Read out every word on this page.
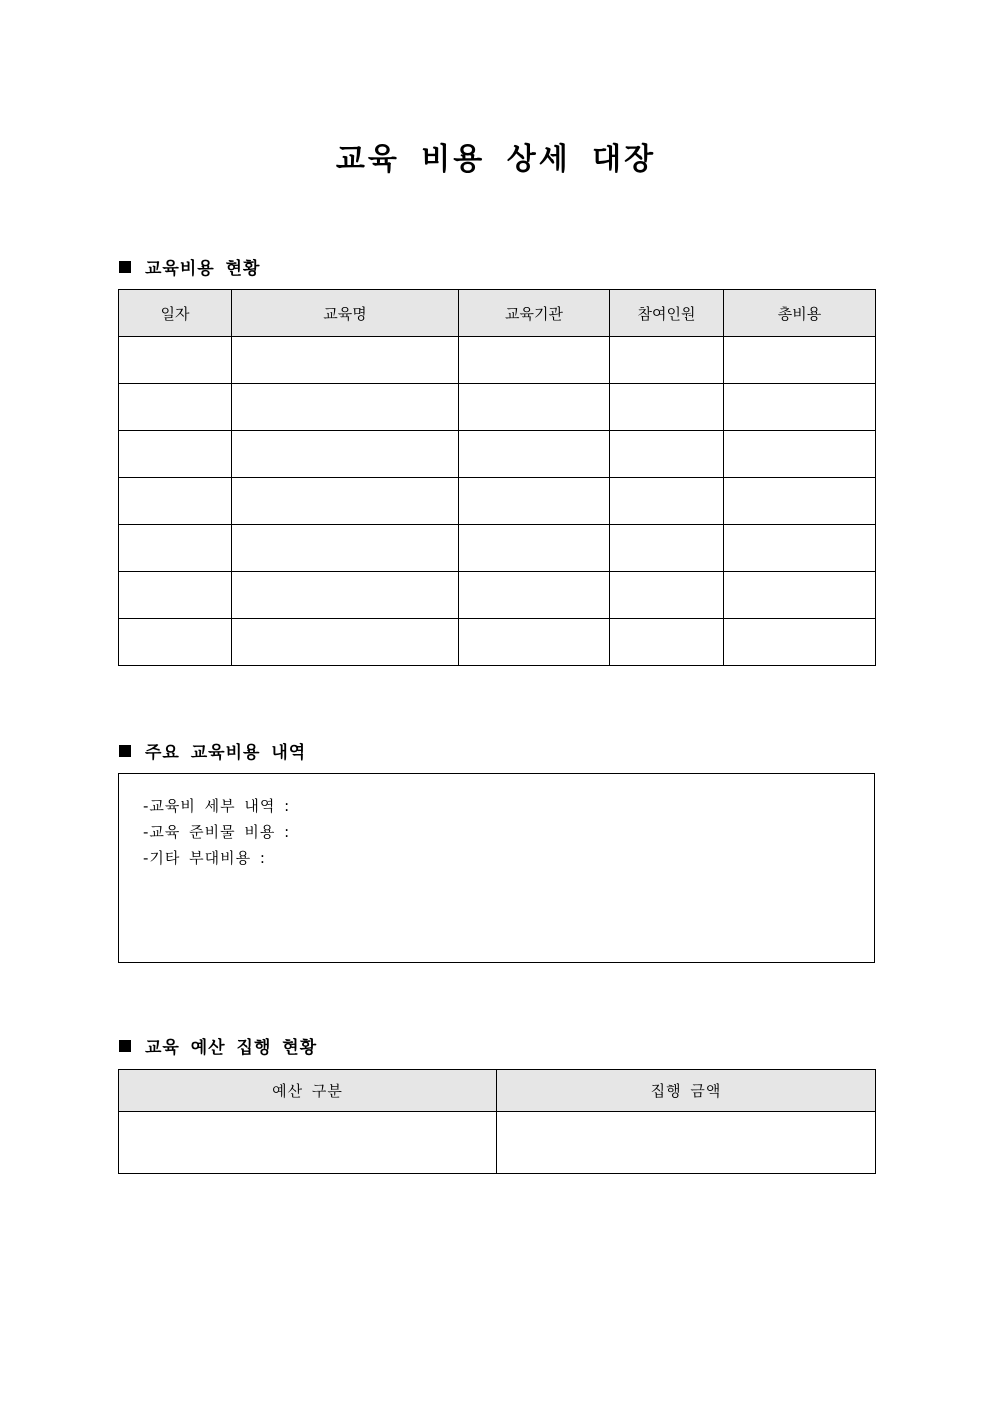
교육 비용 상세 대장
교육비용 현황
일자	교육명	교육기관	참여인원	총비용

주요 교육비용 내역
-교육비 세부 내역 :
-교육 준비물 비용 :
-기타 부대비용 :
교육 예산 집행 현황
예산 구분	집행 금액
